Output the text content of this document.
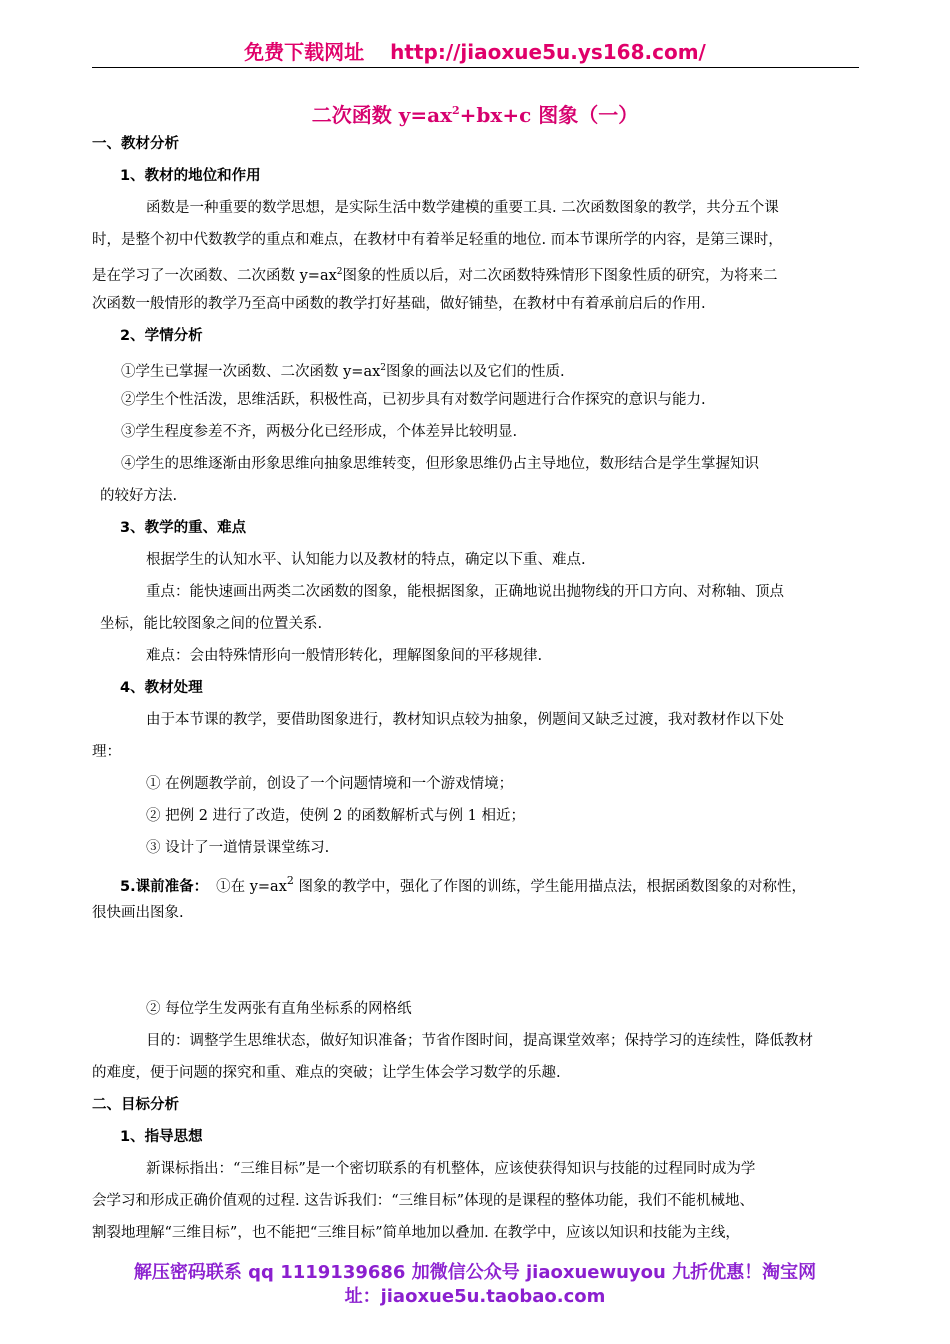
免费下载网址 http://jiaoxue5u.ys168.com/
二次函数 $y=ax^2+bx+c$ 图象（一）
一、教材分析
1、教材的地位和作用
函数是一种重要的数学思想，是实际生活中数学建模的重要工具. 二次函数图象的教学，共分五个课
时，是整个初中代数教学的重点和难点，在教材中有着举足轻重的地位. 而本节课所学的内容，是第三课时，
是在学习了一次函数、二次函数 $y=ax^2$图象的性质以后，对二次函数特殊情形下图象性质的研究，为将来二
次函数一般情形的教学乃至高中函数的教学打好基础，做好铺垫，在教材中有着承前启后的作用.
2、学情分析
①学生已掌握一次函数、二次函数 $y=ax^2$图象的画法以及它们的性质.
②学生个性活泼，思维活跃，积极性高，已初步具有对数学问题进行合作探究的意识与能力.
③学生程度参差不齐，两极分化已经形成，个体差异比较明显.
④学生的思维逐渐由形象思维向抽象思维转变，但形象思维仍占主导地位，数形结合是学生掌握知识
的较好方法.
3、教学的重、难点
根据学生的认知水平、认知能力以及教材的特点，确定以下重、难点.
重点：能快速画出两类二次函数的图象，能根据图象，正确地说出抛物线的开口方向、对称轴、顶点
坐标，能比较图象之间的位置关系.
难点：会由特殊情形向一般情形转化，理解图象间的平移规律.
4、教材处理
由于本节课的教学，要借助图象进行，教材知识点较为抽象，例题间又缺乏过渡，我对教材作以下处
理：
① 在例题教学前，创设了一个问题情境和一个游戏情境；
② 把例 2 进行了改造，使例 2 的函数解析式与例 1 相近；
③ 设计了一道情景课堂练习.
5.课前准备： ①在 $y=ax^2$ 图象的教学中，强化了作图的训练，学生能用描点法，根据函数图象的对称性，
很快画出图象.
② 每位学生发两张有直角坐标系的网格纸
目的：调整学生思维状态，做好知识准备；节省作图时间，提高课堂效率；保持学习的连续性，降低教材
的难度，便于问题的探究和重、难点的突破；让学生体会学习数学的乐趣.
二、目标分析
1、指导思想
新课标指出：“三维目标”是一个密切联系的有机整体，应该使获得知识与技能的过程同时成为学
会学习和形成正确价值观的过程. 这告诉我们：“三维目标”体现的是课程的整体功能，我们不能机械地、
割裂地理解“三维目标”，也不能把“三维目标”简单地加以叠加. 在教学中，应该以知识和技能为主线，
解压密码联系 qq 1119139686 加微信公众号 jiaoxuewuyou 九折优惠！淘宝网
址：jiaoxue5u.taobao.com
